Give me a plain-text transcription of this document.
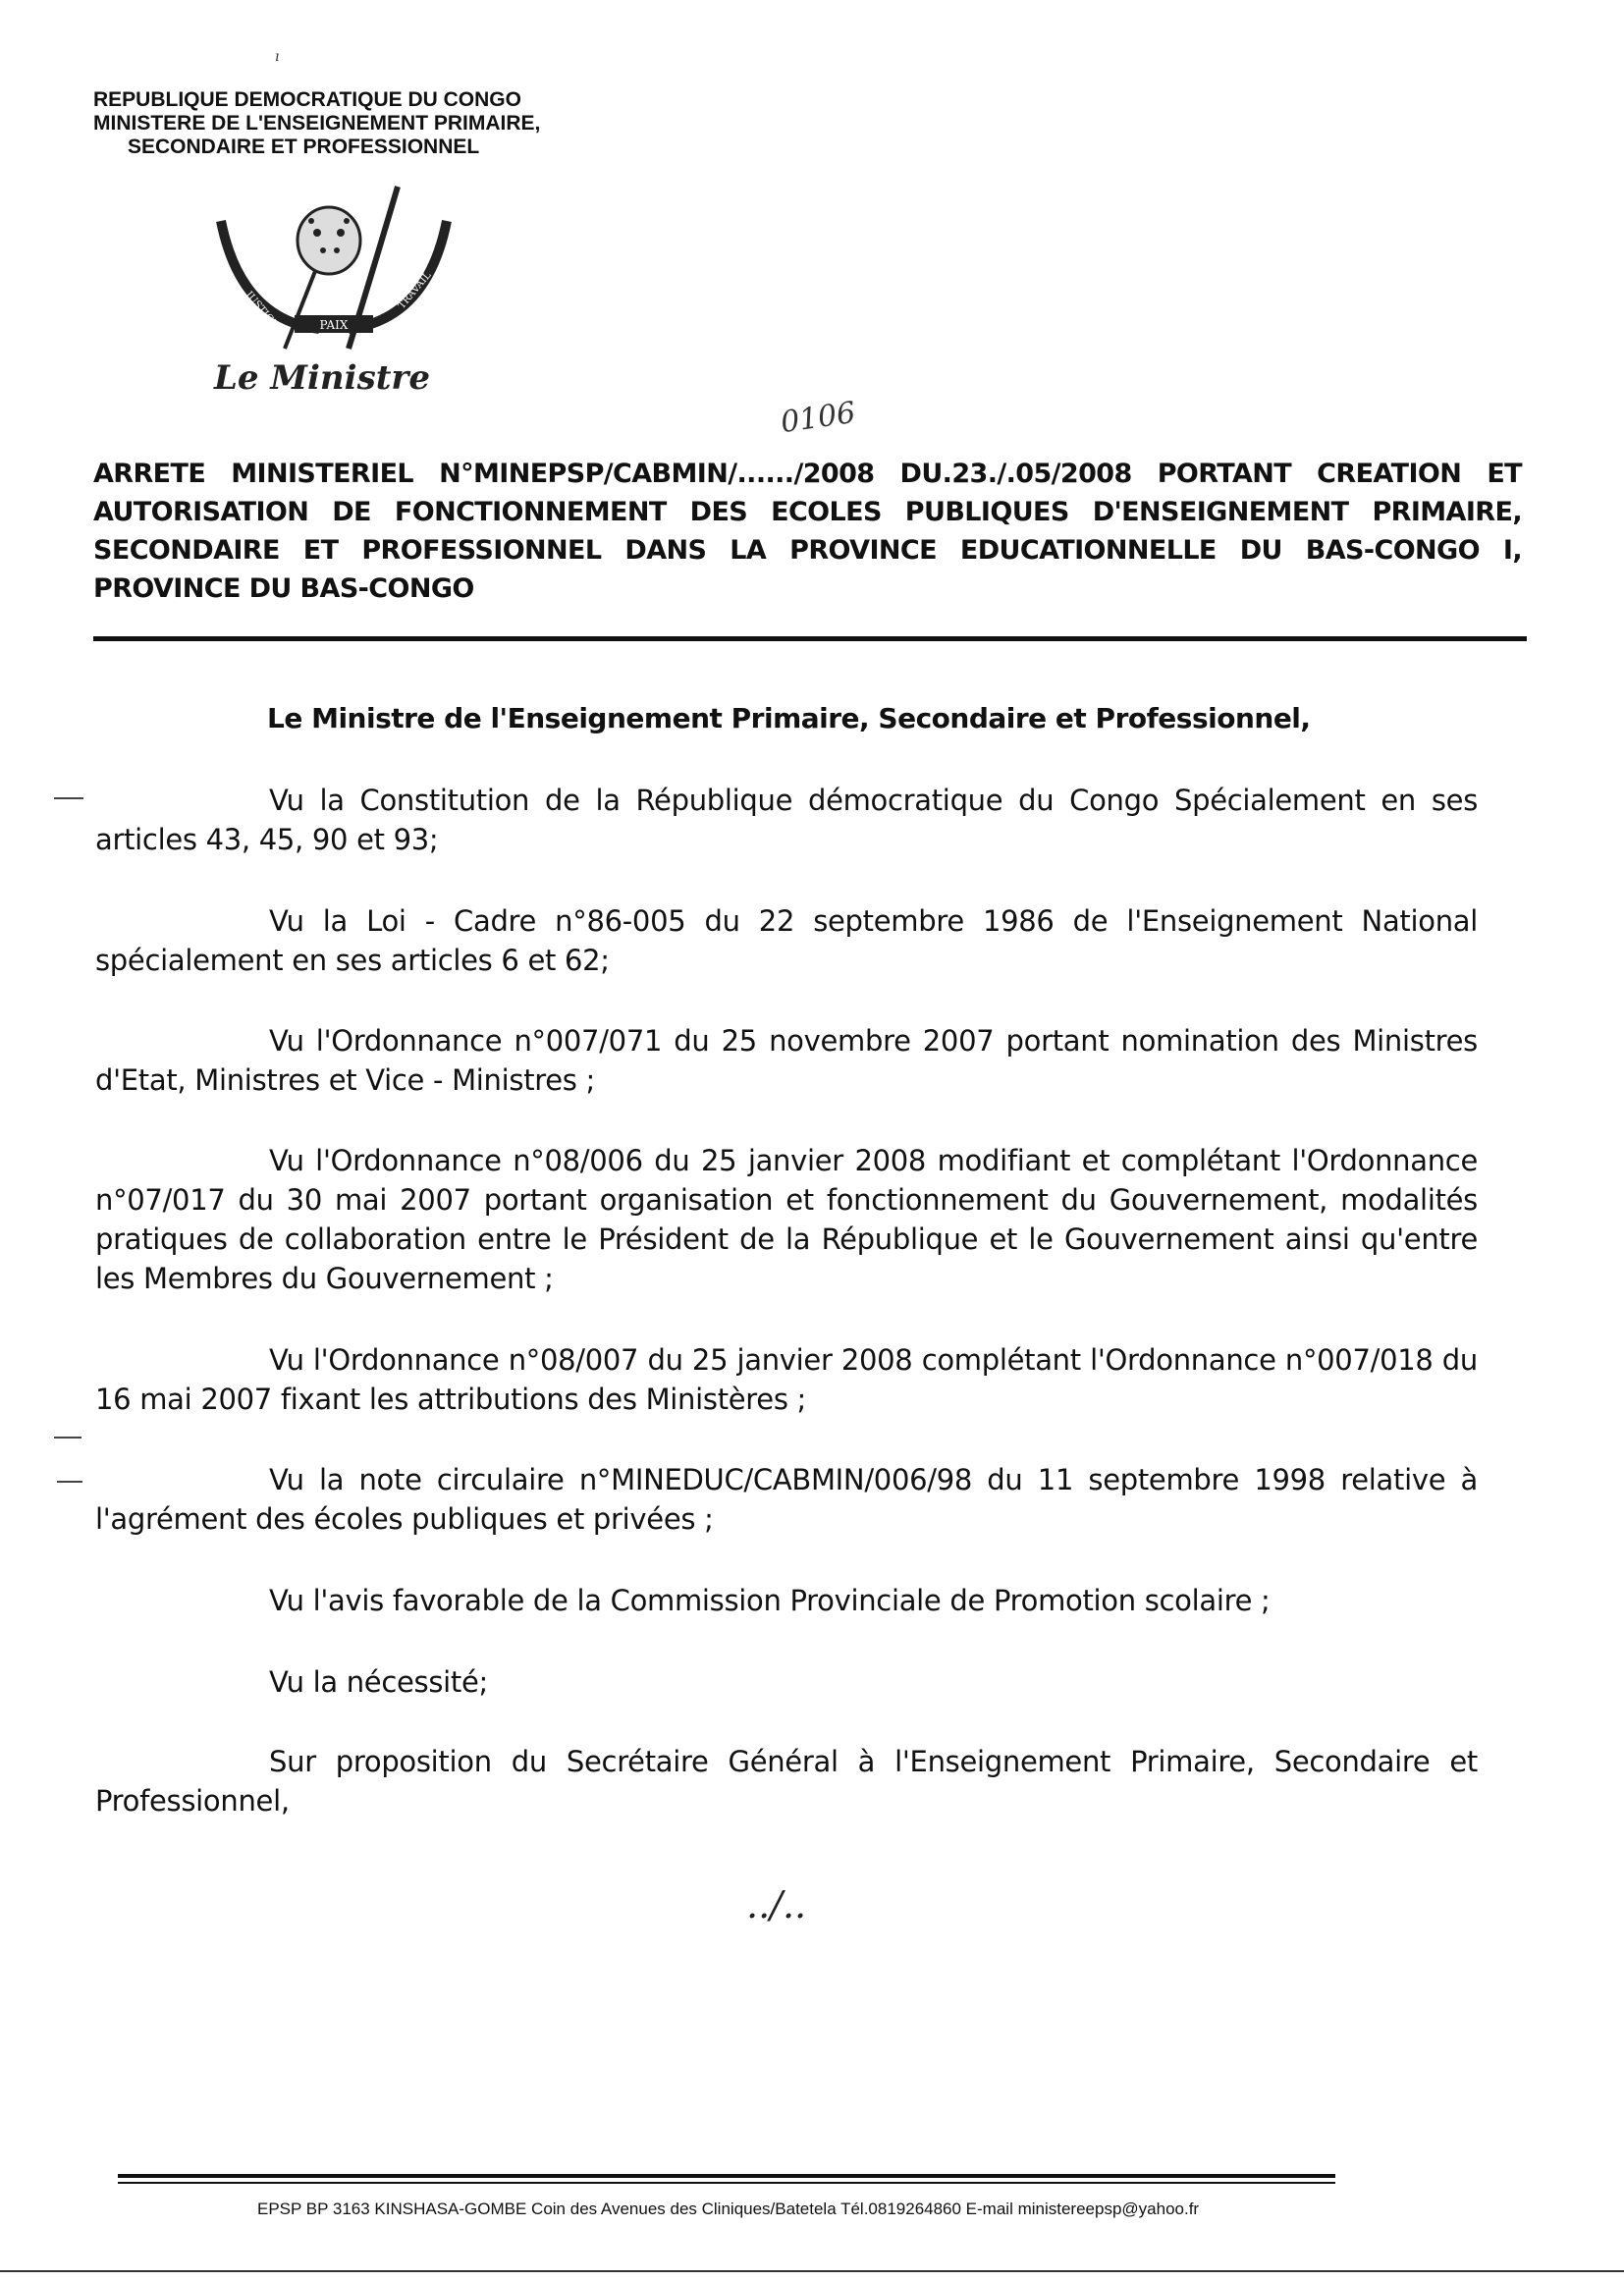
ı
REPUBLIQUE DEMOCRATIQUE DU CONGO
MINISTERE DE L'ENSEIGNEMENT PRIMAIRE,
SECONDAIRE ET PROFESSIONNEL
PAIX
JUSTICE	TRAVAIL
Le Ministre
0106
ARRETE MINISTERIEL N°MINEPSP/CABMIN/....../2008 DU.23./.05/2008 PORTANT CREATION ET AUTORISATION DE FONCTIONNEMENT DES ECOLES PUBLIQUES D'ENSEIGNEMENT PRIMAIRE, SECONDAIRE ET PROFESSIONNEL DANS LA PROVINCE EDUCATIONNELLE DU BAS-CONGO I, PROVINCE DU BAS-CONGO
Le Ministre de l'Enseignement Primaire, Secondaire et Professionnel,
Vu la Constitution de la République démocratique du Congo Spécialement en ses articles 43, 45, 90 et 93;
Vu la Loi - Cadre n°86-005 du 22 septembre 1986 de l'Enseignement National spécialement en ses articles 6 et 62;
Vu l'Ordonnance n°007/071 du 25 novembre 2007 portant nomination des Ministres d'Etat, Ministres et Vice - Ministres ;
Vu l'Ordonnance n°08/006 du 25 janvier 2008 modifiant et complétant l'Ordonnance n°07/017 du 30 mai 2007 portant organisation et fonctionnement du Gouvernement, modalités pratiques de collaboration entre le Président de la République et le Gouvernement ainsi qu'entre les Membres du Gouvernement ;
Vu l'Ordonnance n°08/007 du 25 janvier 2008 complétant l'Ordonnance n°007/018 du 16 mai 2007 fixant les attributions des Ministères ;
Vu la note circulaire n°MINEDUC/CABMIN/006/98 du 11 septembre 1998 relative à l'agrément des écoles publiques et privées ;
Vu l'avis favorable de la Commission Provinciale de Promotion scolaire ;
Vu la nécessité;
Sur proposition du Secrétaire Général à l'Enseignement Primaire, Secondaire et Professionnel,
../..
EPSP BP 3163 KINSHASA-GOMBE Coin des Avenues des Cliniques/Batetela Tél.0819264860 E-mail ministereepsp@yahoo.fr
